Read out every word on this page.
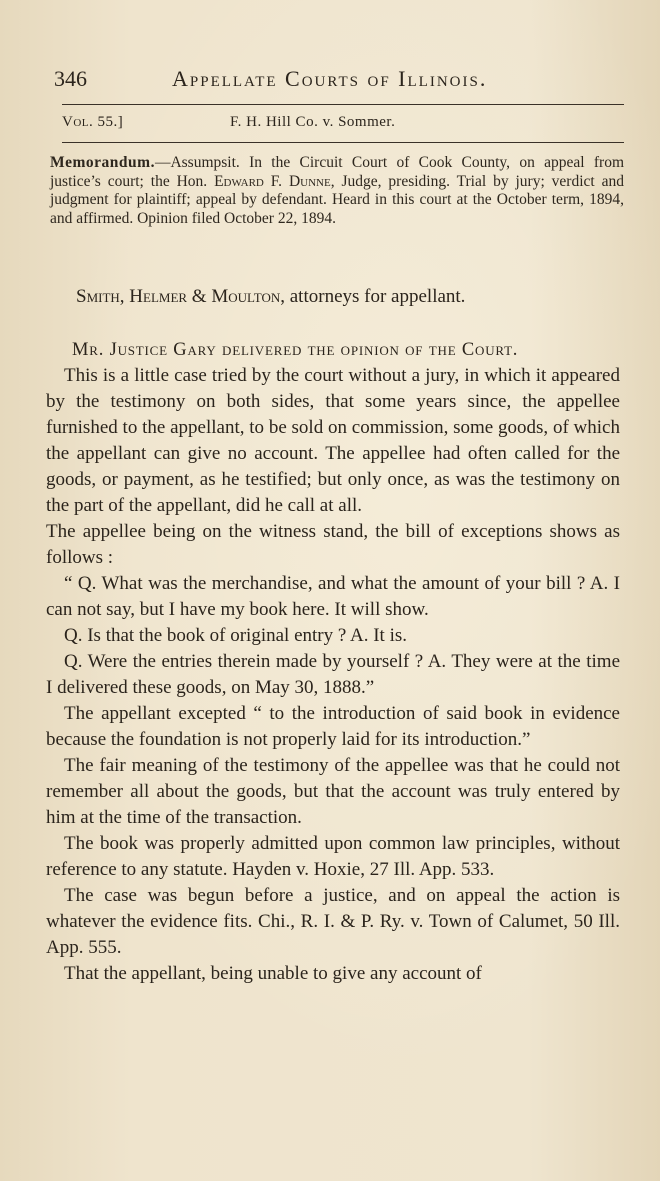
346	Appellate Courts of Illinois.
Vol. 55.]	F. H. Hill Co. v. Sommer.
Memorandum.—Assumpsit. In the Circuit Court of Cook County, on appeal from justice’s court; the Hon. Edward F. Dunne, Judge, presiding. Trial by jury; verdict and judgment for plaintiff; appeal by defendant. Heard in this court at the October term, 1894, and affirmed. Opinion filed October 22, 1894.
Smith, Helmer & Moulton, attorneys for appellant.
Mr. Justice Gary delivered the opinion of the Court.

This is a little case tried by the court without a jury, in which it appeared by the testimony on both sides, that some years since, the appellee furnished to the appellant, to be sold on commission, some goods, of which the appellant can give no account. The appellee had often called for the goods, or payment, as he testified; but only once, as was the testimony on the part of the appellant, did he call at all.

The appellee being on the witness stand, the bill of exceptions shows as follows :

“ Q. What was the merchandise, and what the amount of your bill ? A. I can not say, but I have my book here. It will show.

Q. Is that the book of original entry ? A. It is.

Q. Were the entries therein made by yourself ? A. They were at the time I delivered these goods, on May 30, 1888.”

The appellant excepted “ to the introduction of said book in evidence because the foundation is not properly laid for its introduction.”

The fair meaning of the testimony of the appellee was that he could not remember all about the goods, but that the account was truly entered by him at the time of the transaction.

The book was properly admitted upon common law principles, without reference to any statute. Hayden v. Hoxie, 27 Ill. App. 533.

The case was begun before a justice, and on appeal the action is whatever the evidence fits. Chi., R. I. & P. Ry. v. Town of Calumet, 50 Ill. App. 555.

That the appellant, being unable to give any account of
